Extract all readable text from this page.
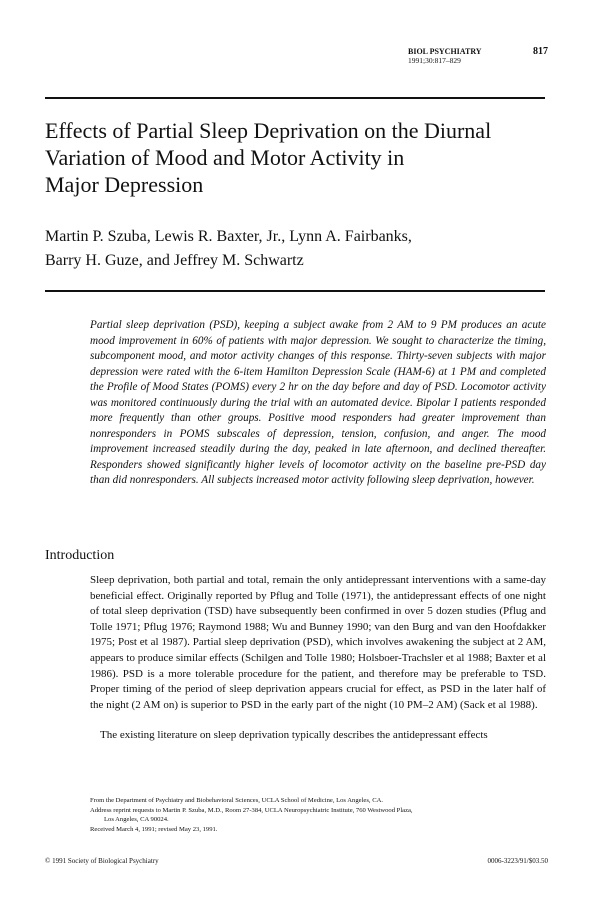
BIOL PSYCHIATRY	817
1991;30:817–829
Effects of Partial Sleep Deprivation on the Diurnal
Variation of Mood and Motor Activity in
Major Depression
Martin P. Szuba, Lewis R. Baxter, Jr., Lynn A. Fairbanks,
Barry H. Guze, and Jeffrey M. Schwartz

Partial sleep deprivation (PSD), keeping a subject awake from 2 AM to 9 PM produces an acute mood improvement in 60% of patients with major depression. We sought to characterize the timing, subcomponent mood, and motor activity changes of this response. Thirty-seven subjects with major depression were rated with the 6-item Hamilton Depression Scale (HAM-6) at 1 PM and completed the Profile of Mood States (POMS) every 2 hr on the day before and day of PSD. Locomotor activity was monitored continuously during the trial with an automated device. Bipolar I patients responded more frequently than other groups. Positive mood responders had greater improvement than nonresponders in POMS subscales of depression, tension, confusion, and anger. The mood improvement increased steadily during the day, peaked in late afternoon, and declined thereafter. Responders showed significantly higher levels of locomotor activity on the baseline pre-PSD day than did nonresponders. All subjects increased motor activity following sleep deprivation, however.

Introduction

Sleep deprivation, both partial and total, remain the only antidepressant interventions with a same-day beneficial effect. Originally reported by Pflug and Tolle (1971), the antidepressant effects of one night of total sleep deprivation (TSD) have subsequently been confirmed in over 5 dozen studies (Pflug and Tolle 1971; Pflug 1976; Raymond 1988; Wu and Bunney 1990; van den Burg and van den Hoofdakker 1975; Post et al 1987). Partial sleep deprivation (PSD), which involves awakening the subject at 2 AM, appears to produce similar effects (Schilgen and Tolle 1980; Holsboer-Trachsler et al 1988; Baxter et al 1986). PSD is a more tolerable procedure for the patient, and therefore may be preferable to TSD. Proper timing of the period of sleep deprivation appears crucial for effect, as PSD in the later half of the night (2 AM on) is superior to PSD in the early part of the night (10 PM–2 AM) (Sack et al 1988).

The existing literature on sleep deprivation typically describes the antidepressant effects

From the Department of Psychiatry and Biobehavioral Sciences, UCLA School of Medicine, Los Angeles, CA.
Address reprint requests to Martin P. Szuba, M.D., Room 27-384, UCLA Neuropsychiatric Institute, 760 Westwood Plaza,
Los Angeles, CA 90024.
Received March 4, 1991; revised May 23, 1991.
© 1991 Society of Biological Psychiatry	0006-3223/91/$03.50
